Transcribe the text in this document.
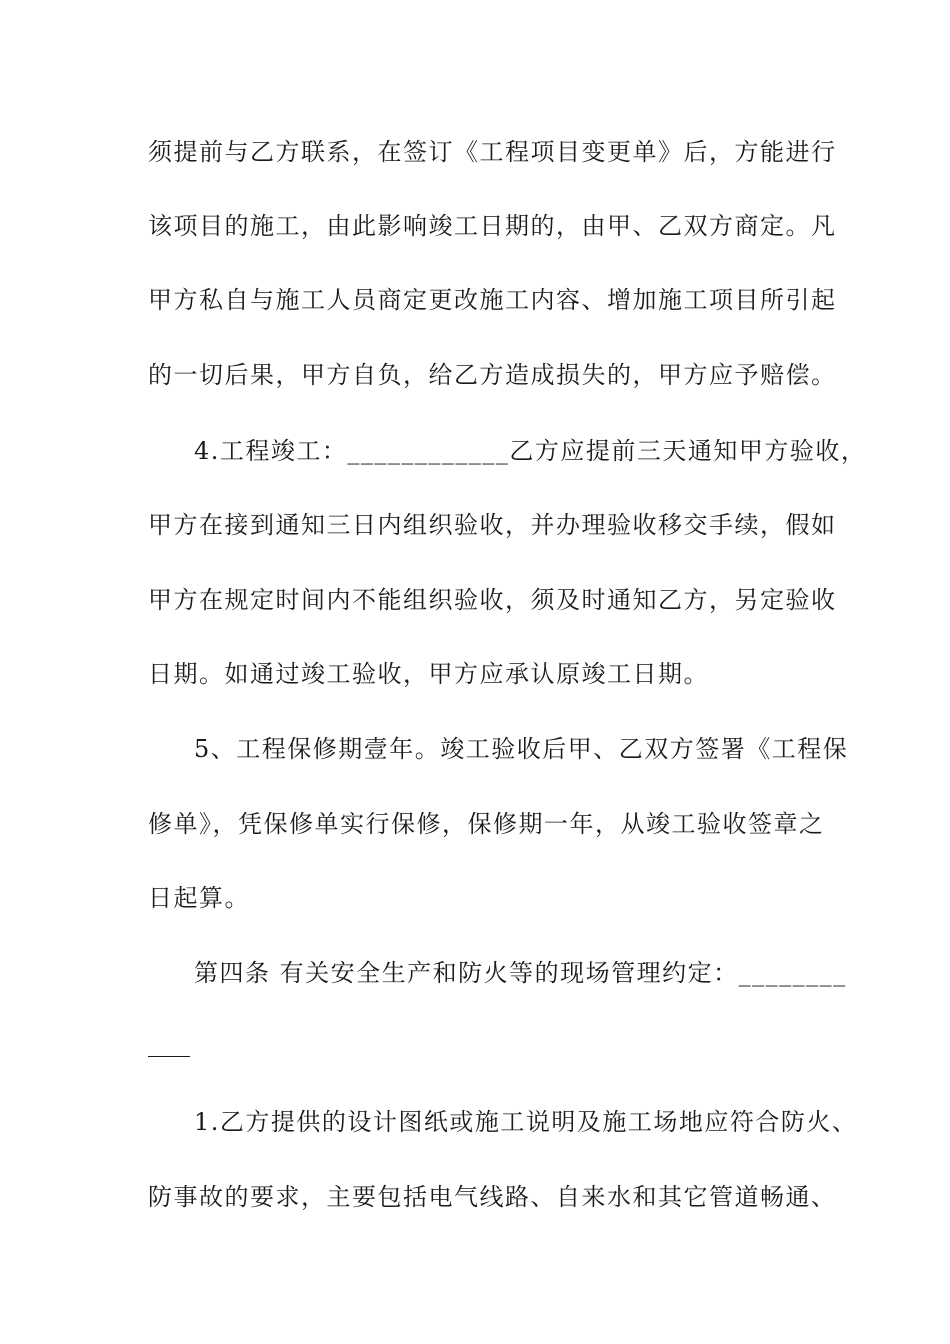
须提前与乙方联系，在签订《工程项目变更单》后，方能进行
该项目的施工，由此影响竣工日期的，由甲、乙双方商定。凡
甲方私自与施工人员商定更改施工内容、增加施工项目所引起
的一切后果，甲方自负，给乙方造成损失的，甲方应予赔偿。
4.工程竣工：____________乙方应提前三天通知甲方验收，
甲方在接到通知三日内组织验收，并办理验收移交手续，假如
甲方在规定时间内不能组织验收，须及时通知乙方，另定验收
日期。如通过竣工验收，甲方应承认原竣工日期。
5、工程保修期壹年。竣工验收后甲、乙双方签署《工程保
修单》，凭保修单实行保修，保修期一年，从竣工验收签章之
日起算。
第四条 有关安全生产和防火等的现场管理约定：________
1.乙方提供的设计图纸或施工说明及施工场地应符合防火、
防事故的要求，主要包括电气线路、自来水和其它管道畅通、
